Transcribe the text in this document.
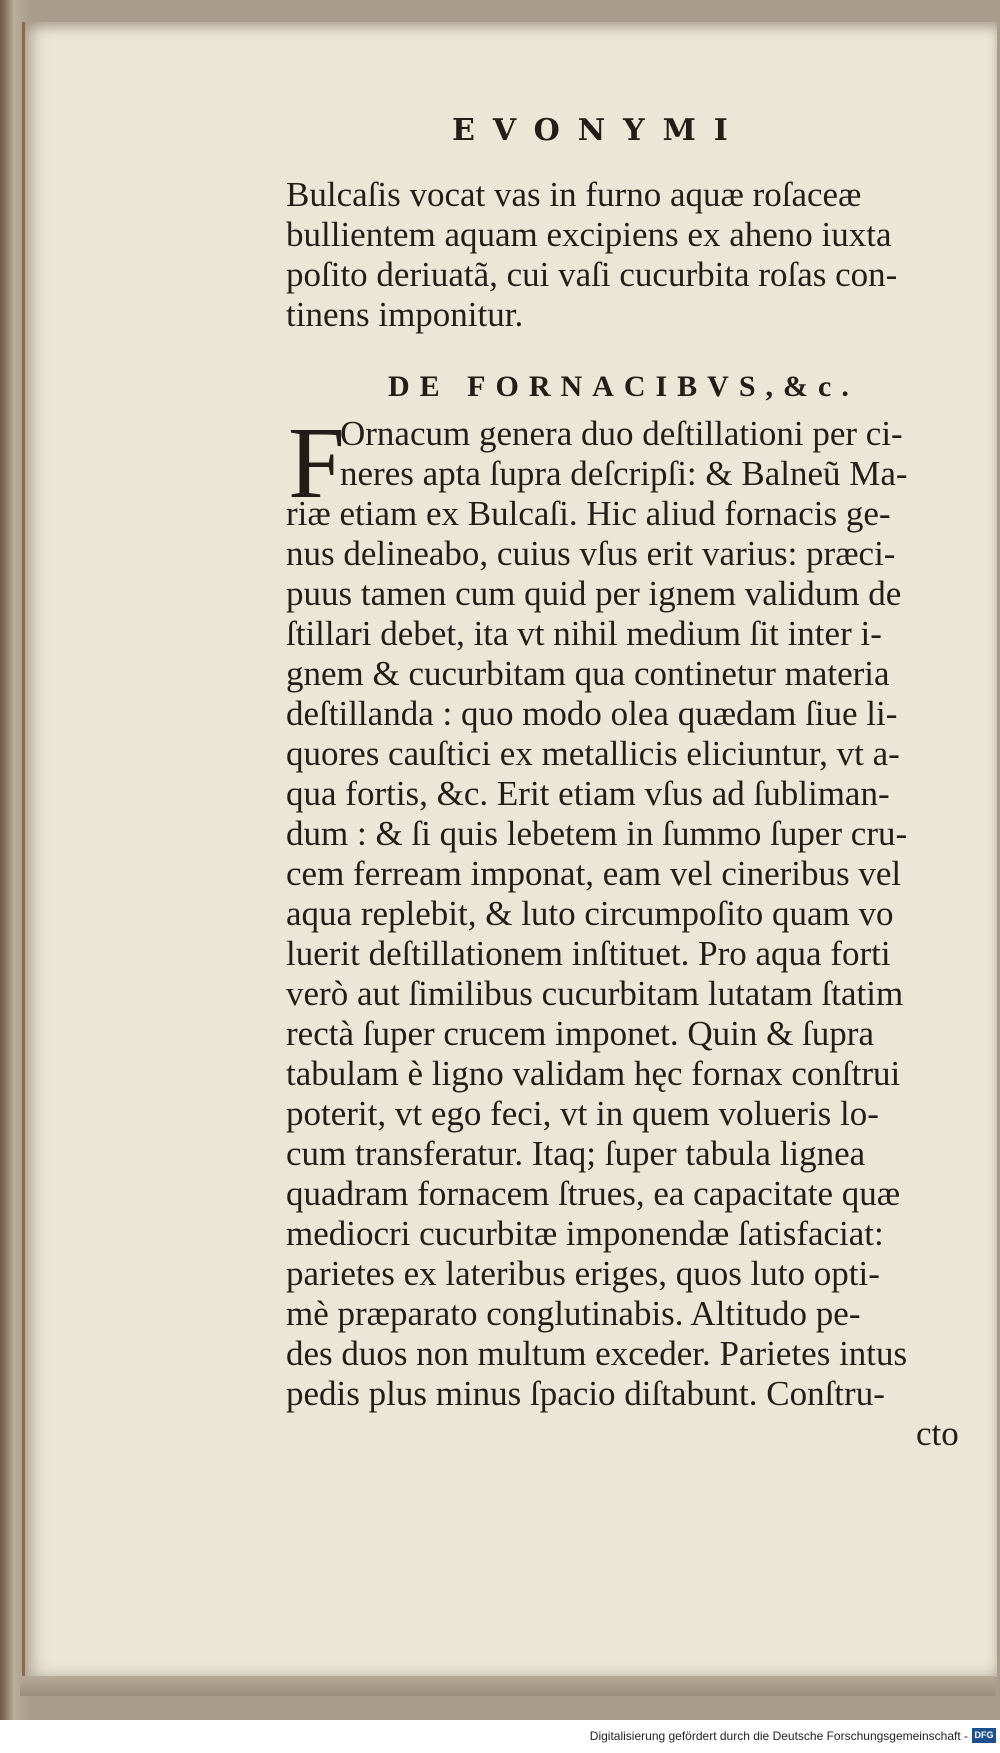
EVONYMI
Bulcaſis vocat vas in furno aquæ roſaceæ
bullientem aquam excipiens ex aheno iuxta
poſito deriuatã, cui vaſi cucurbita roſas con-
tinens imponitur.
DE FORNACIBVS,&c.
F
Ornacum genera duo deſtillationi per ci-
neres apta ſupra deſcripſi: & Balneũ Ma-
riæ etiam ex Bulcaſi. Hic aliud fornacis ge-
nus delineabo, cuius vſus erit varius: præci-
puus tamen cum quid per ignem validum de
ſtillari debet, ita vt nihil medium ſit inter i-
gnem & cucurbitam qua continetur materia
deſtillanda : quo modo olea quædam ſiue li-
quores cauſtici ex metallicis eliciuntur, vt a-
qua fortis, &c. Erit etiam vſus ad ſubliman-
dum : & ſi quis lebetem in ſummo ſuper cru-
cem ferream imponat, eam vel cineribus vel
aqua replebit, & luto circumpoſito quam vo
luerit deſtillationem inſtituet. Pro aqua forti
verò aut ſimilibus cucurbitam lutatam ſtatim
rectà ſuper crucem imponet. Quin & ſupra
tabulam è ligno validam hęc fornax conſtrui
poterit, vt ego feci, vt in quem volueris lo-
cum transferatur. Itaq; ſuper tabula lignea
quadram fornacem ſtrues, ea capacitate quæ
mediocri cucurbitæ imponendæ ſatisfaciat:
parietes ex lateribus eriges, quos luto opti-
mè præparato conglutinabis. Altitudo pe-
des duos non multum exceder. Parietes intus
pedis plus minus ſpacio diſtabunt. Conſtru-
cto
Digitalisierung gefördert durch die Deutsche Forschungsgemeinschaft - DFG
